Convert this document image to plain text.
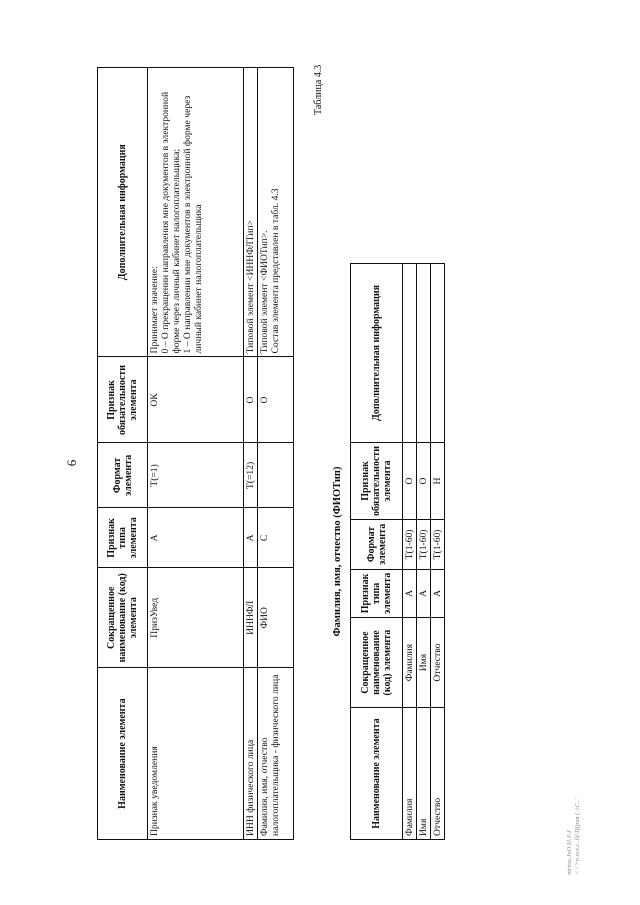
6
Наименование элемента	Сокращенное наименование (код) элемента	Признак типа элемента	Формат элемента	Признак обязательности элемента	Дополнительная информация
Признак уведомления	ПризУвед	А	T(=1)	ОК	Принимает значение:
0 – О прекращении направления мне документов в электронной форме через личный кабинет налогоплательщика;
1 – О направлении мне документов в электронной форме через личный кабинет налогоплательщика
ИНН физического лица	ИННФЛ	А	T(=12)	О	Типовой элемент <ИННФЛТип>
Фамилия, имя, отчество налогоплательщика - физического лица	ФИО	С		О	Типовой элемент <ФИОТип>.
Состав элемента представлен в табл. 4.3
Таблица 4.3
Фамилия, имя, отчество (ФИОТип)
Наименование элемента	Сокращенное наименование (код) элемента	Признак типа элемента	Формат элемента	Признак обязательности элемента	Дополнительная информация
Фамилия	Фамилия	А	T(1-60)	О	
Имя	Имя	А	T(1-60)	О	
Отчество	Отчество	А	T(1-60)	Н	
ntrtoo.JnO.IJ.J-J < \'>n.sv.t.c..ll(/Ц(рая (.\\С..'
